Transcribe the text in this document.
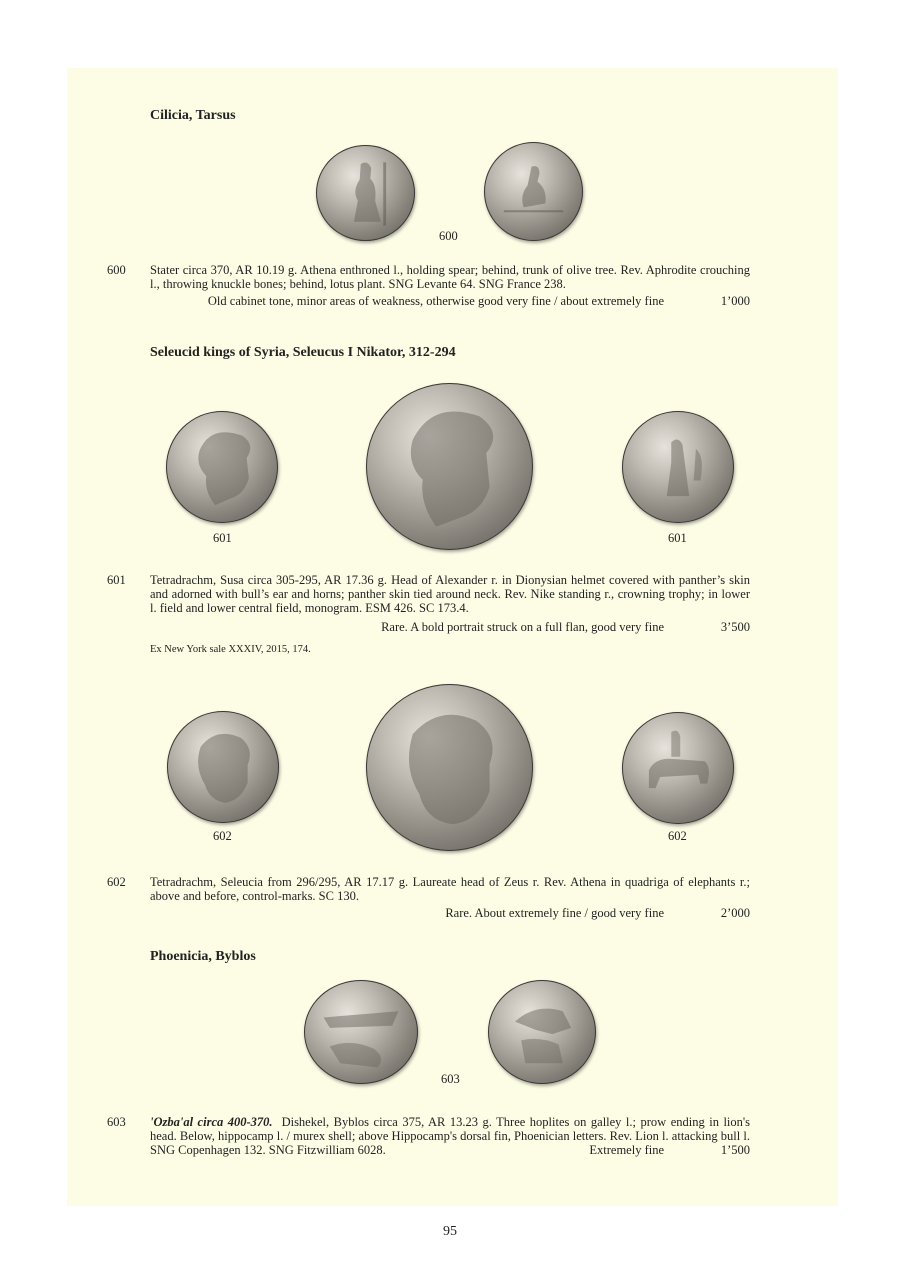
Cilicia, Tarsus
600
600 Stater circa 370, AR 10.19 g. Athena enthroned l., holding spear; behind, trunk of olive tree. Rev. Aphrodite crouching l., throwing knuckle bones; behind, lotus plant. SNG Levante 64. SNG France 238.
Old cabinet tone, minor areas of weakness, otherwise good very fine / about extremely fine	1’000
Seleucid kings of Syria, Seleucus I Nikator, 312-294
601	601
601 Tetradrachm, Susa circa 305-295, AR 17.36 g. Head of Alexander r. in Dionysian helmet covered with panther’s skin and adorned with bull’s ear and horns; panther skin tied around neck. Rev. Nike standing r., crowning trophy; in lower l. field and lower central field, monogram. ESM 426. SC 173.4.
Rare. A bold portrait struck on a full flan, good very fine	3’500
Ex New York sale XXXIV, 2015, 174.
602	602
602 Tetradrachm, Seleucia from 296/295, AR 17.17 g. Laureate head of Zeus r. Rev. Athena in quadriga of elephants r.; above and before, control-marks. SC 130.
Rare. About extremely fine / good very fine	2’000
Phoenicia, Byblos
603
603 'Ozba'al circa 400-370. Dishekel, Byblos circa 375, AR 13.23 g. Three hoplites on galley l.; prow ending in lion's head. Below, hippocamp l. / murex shell; above Hippocamp's dorsal fin, Phoenician letters. Rev. Lion l. attacking bull l. SNG Copenhagen 132. SNG Fitzwilliam 6028.	Extremely fine	1’500
95
